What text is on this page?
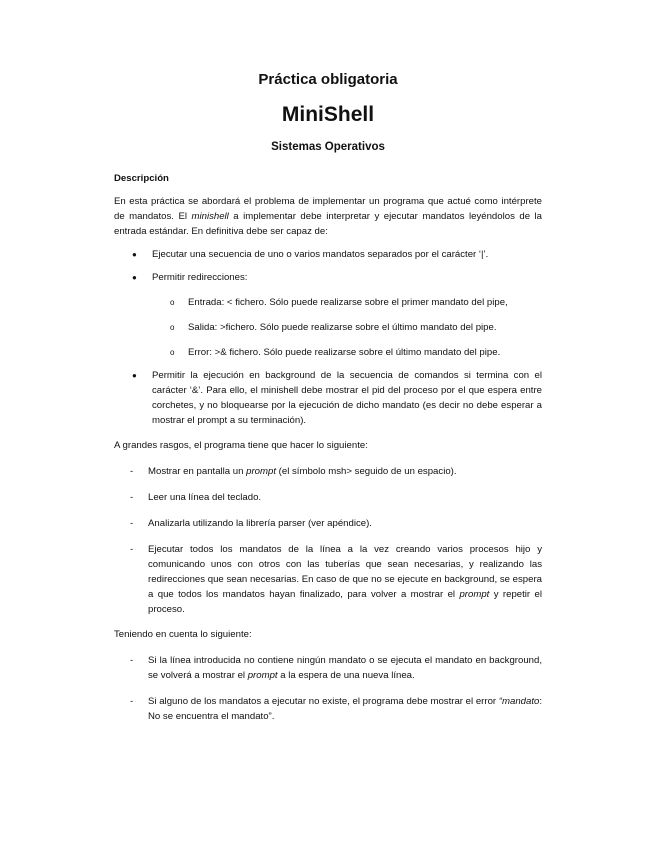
Práctica obligatoria

MiniShell

Sistemas Operativos

Descripción

En esta práctica se abordará el problema de implementar un programa que actué como intérprete de mandatos. El minishell a implementar debe interpretar y ejecutar mandatos leyéndolos de la entrada estándar. En definitiva debe ser capaz de:

● Ejecutar una secuencia de uno o varios mandatos separados por el carácter ‘|’.
● Permitir redirecciones:
o Entrada: < fichero. Sólo puede realizarse sobre el primer mandato del pipe,
o Salida: >fichero. Sólo puede realizarse sobre el último mandato del pipe.
o Error: >& fichero. Sólo puede realizarse sobre el último mandato del pipe.
● Permitir la ejecución en background de la secuencia de comandos si termina con el carácter ‘&’. Para ello, el minishell debe mostrar el pid del proceso por el que espera entre corchetes, y no bloquearse por la ejecución de dicho mandato (es decir no debe esperar a mostrar el prompt a su terminación).

A grandes rasgos, el programa tiene que hacer lo siguiente:

- Mostrar en pantalla un prompt (el símbolo msh> seguido de un espacio).
- Leer una línea del teclado.
- Analizarla utilizando la librería parser (ver apéndice).
- Ejecutar todos los mandatos de la línea a la vez creando varios procesos hijo y comunicando unos con otros con las tuberías que sean necesarias, y realizando las redirecciones que sean necesarias. En caso de que no se ejecute en background, se espera a que todos los mandatos hayan finalizado, para volver a mostrar el prompt y repetir el proceso.

Teniendo en cuenta lo siguiente:

- Si la línea introducida no contiene ningún mandato o se ejecuta el mandato en background, se volverá a mostrar el prompt a la espera de una nueva línea.
- Si alguno de los mandatos a ejecutar no existe, el programa debe mostrar el error “mandato: No se encuentra el mandato”.
